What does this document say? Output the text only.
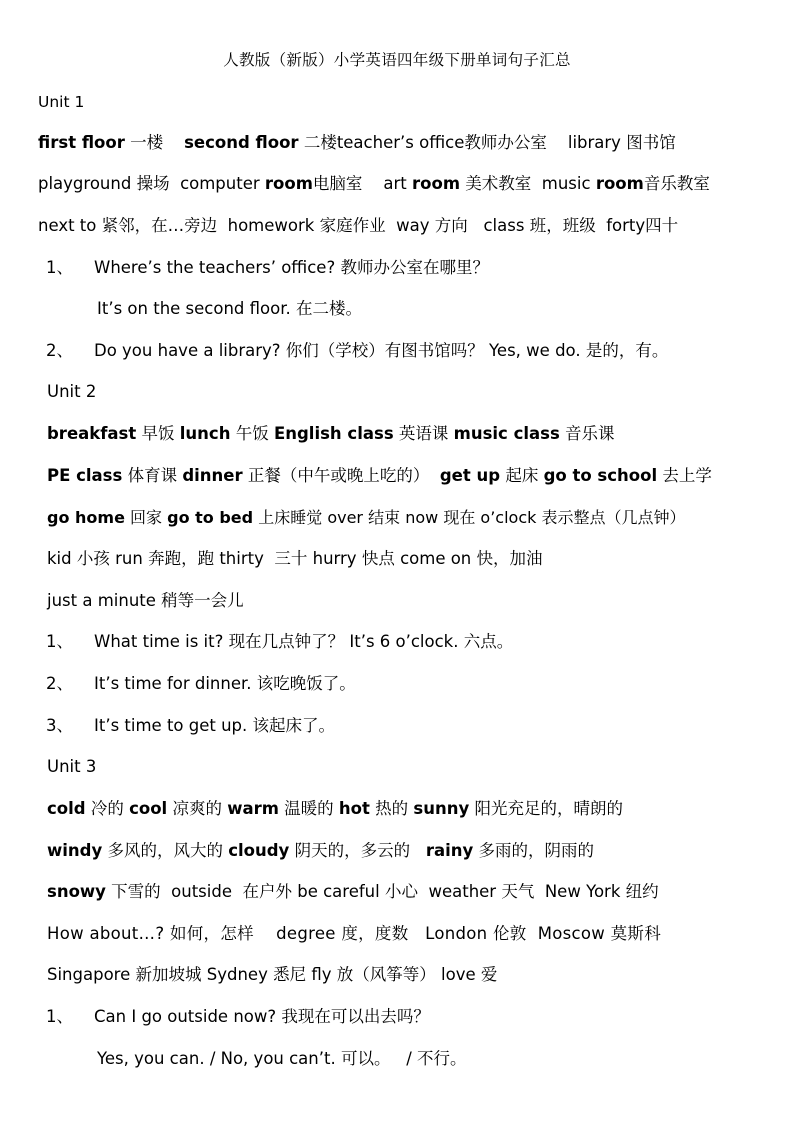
人教版（新版）小学英语四年级下册单词句子汇总
Unit 1
first floor 一楼 second floor 二楼teacher’s office教师办公室 library 图书馆
playground 操场 computer room电脑室 art room 美术教室 music room音乐教室
next to 紧邻，在…旁边 homework 家庭作业 way 方向 class 班，班级 forty四十
1、 Where’s the teachers’ office? 教师办公室在哪里？
It’s on the second floor. 在二楼。
2、 Do you have a library? 你们（学校）有图书馆吗？ Yes, we do. 是的，有。
Unit 2
breakfast 早饭 lunch 午饭 English class 英语课 music class 音乐课
PE class 体育课 dinner 正餐（中午或晚上吃的） get up 起床 go to school 去上学
go home 回家 go to bed 上床睡觉 over 结束 now 现在 o’clock 表示整点（几点钟）
kid 小孩 run 奔跑，跑 thirty 三十 hurry 快点 come on 快，加油
just a minute 稍等一会儿
1、 What time is it? 现在几点钟了？ It’s 6 o’clock. 六点。
2、 It’s time for dinner. 该吃晚饭了。
3、 It’s time to get up. 该起床了。
Unit 3
cold 冷的 cool 凉爽的 warm 温暖的 hot 热的 sunny 阳光充足的，晴朗的
windy 多风的，风大的 cloudy 阴天的，多云的 rainy 多雨的，阴雨的
snowy 下雪的 outside 在户外 be careful 小心 weather 天气 New York 纽约
How about…? 如何，怎样 degree 度，度数 London 伦敦 Moscow 莫斯科
Singapore 新加坡城 Sydney 悉尼 fly 放（风筝等） love 爱
1、 Can I go outside now? 我现在可以出去吗？
Yes, you can. / No, you can’t. 可以。 / 不行。
